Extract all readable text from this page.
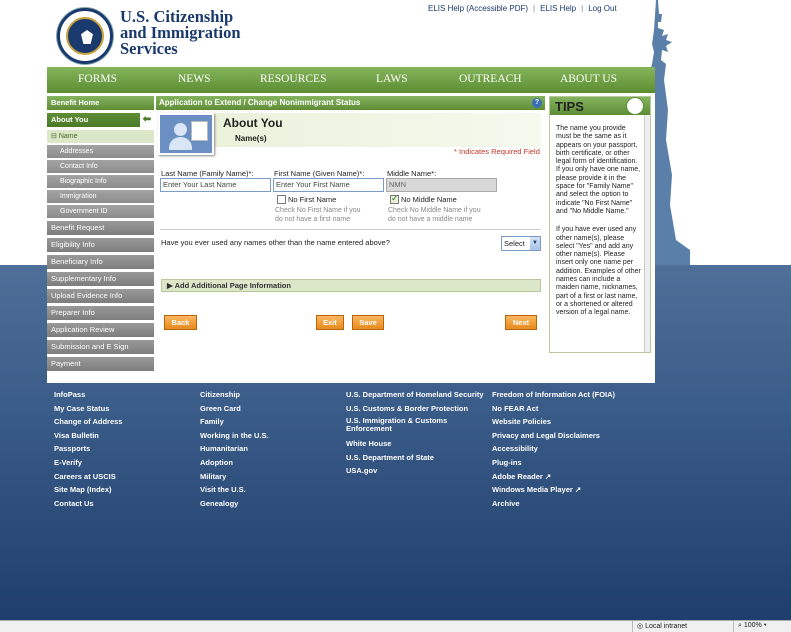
U.S. Citizenship
and Immigration
Services
ELIS Help (Accessible PDF) | ELIS Help | Log Out
FORMS	NEWS	RESOURCES	LAWS	OUTREACH	ABOUT US
Benefit Home
About You	⬅
⊟ Name
Addresses
Contact Info
Biographic Info
Immigration
Government ID
Benefit Request
Eligibility Info
Beneficiary Info
Supplementary Info
Upload Evidence Info
Preparer Info
Application Review
Submission and E Sign
Payment
Application to Extend / Change Nonimmigrant Status	?
About You
Name(s)
* Indicates Required Field
Last Name (Family Name)*:
Enter Your Last Name
First Name (Given Name)*:
Enter Your First Name
Middle Name*:
NMN
No First Name
Check No First Name if you
do not have a first name
✓
No Middle Name
Check No Middle Name if you
do not have a middle name
Have you ever used any names other than the name entered above?	Select	▼
▶ Add Additional Page Information
Back	Exit	Save	Next
TIPS

The name you provide must be the same as it appears on your passport, birth certificate, or other legal form of identification. If you only have one name, please provide it in the space for "Family Name" and select the option to indicate "No First Name" and "No Middle Name."

If you have ever used any other name(s), please select "Yes" and add any other name(s). Please insert only one name per addition. Examples of other names can include a maiden name, nicknames, part of a first or last name, or a shortened or altered version of a legal name.

InfoPass
My Case Status
Change of Address
Visa Bulletin
Passports
E-Verify
Careers at USCIS
Site Map (Index)
Contact Us
Citizenship
Green Card
Family
Working in the U.S.
Humanitarian
Adoption
Military
Visit the U.S.
Genealogy
U.S. Department of Homeland Security
U.S. Customs & Border Protection
U.S. Immigration & Customs
Enforcement
White House
U.S. Department of State
USA.gov
Freedom of Information Act (FOIA)
No FEAR Act
Website Policies
Privacy and Legal Disclaimers
Accessibility
Plug-ins
Adobe Reader ↗
Windows Media Player ↗
Archive
◎ Local intranet	⌕ 100% ▾
